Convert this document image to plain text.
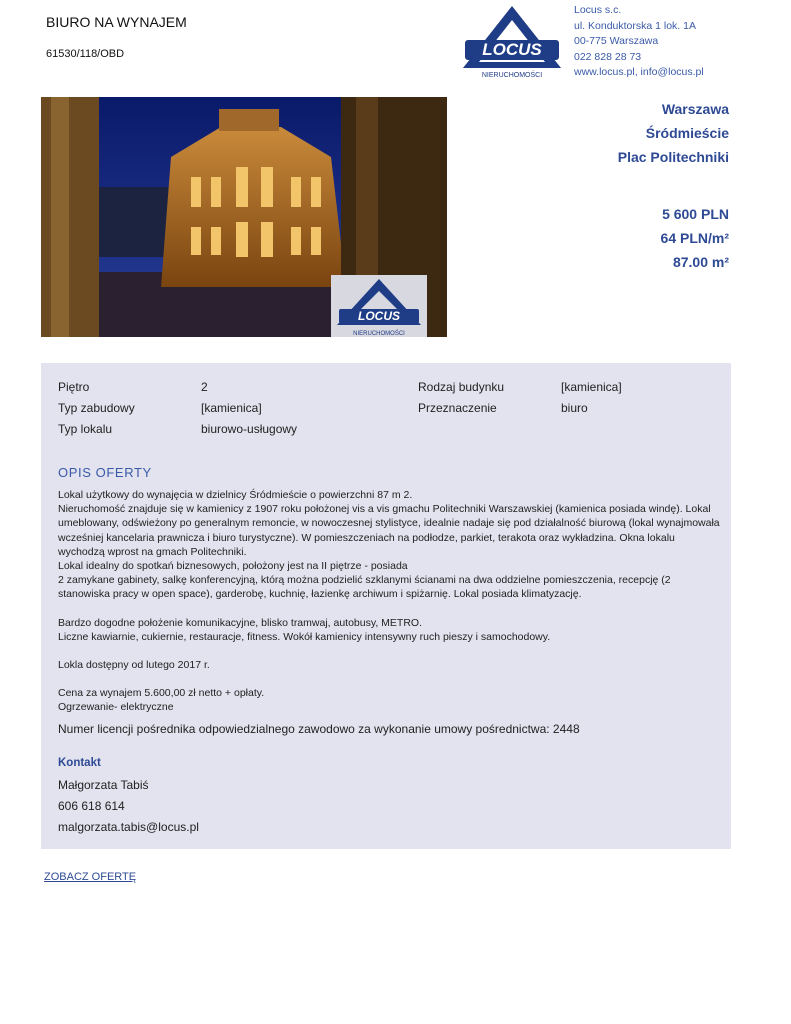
BIURO NA WYNAJEM
61530/118/OBD	LOCUS
NIERUCHOMOŚCI
Locus s.c.
ul. Konduktorska 1 lok. 1A
00-775 Warszawa
022 828 28 73
www.locus.pl, info@locus.pl
LOCUS
NIERUCHOMOŚCI
Warszawa
Śródmieście
Plac Politechniki
5 600 PLN
64 PLN/m²
87.00 m²
Piętro	2	Rodzaj budynku	[kamienica]
Typ zabudowy	[kamienica]	Przeznaczenie	biuro
Typ lokalu	biurowo-usługowy
OPIS OFERTY

Lokal użytkowy do wynajęcia w dzielnicy Śródmieście o powierzchni 87 m 2.

Nieruchomość znajduje się w kamienicy z 1907 roku położonej vis a vis gmachu Politechniki Warszawskiej (kamienica posiada windę). Lokal umeblowany, odświeżony po generalnym remoncie, w nowoczesnej stylistyce, idealnie nadaje się pod działalność biurową (lokal wynajmowała wcześniej kancelaria prawnicza i biuro turystyczne). W pomieszczeniach na podłodze, parkiet, terakota oraz wykładzina. Okna lokalu wychodzą wprost na gmach Politechniki.

Lokal idealny do spotkań biznesowych, położony jest na II piętrze - posiada

2 zamykane gabinety, salkę konferencyjną, którą można podzielić szklanymi ścianami na dwa oddzielne pomieszczenia, recepcję (2 stanowiska pracy w open space), garderobę, kuchnię, łazienkę archiwum i spiżarnię. Lokal posiada klimatyzację.

Bardzo dogodne położenie komunikacyjne, blisko tramwaj, autobusy, METRO.

Liczne kawiarnie, cukiernie, restauracje, fitness. Wokół kamienicy intensywny ruch pieszy i samochodowy.

Lokla dostępny od lutego 2017 r.

Cena za wynajem 5.600,00 zł netto + opłaty.

Ogrzewanie- elektryczne

Numer licencji pośrednika odpowiedzialnego zawodowo za wykonanie umowy pośrednictwa: 2448
Kontakt
Małgorzata Tabiś
606 618 614
malgorzata.tabis@locus.pl
ZOBACZ OFERTĘ
